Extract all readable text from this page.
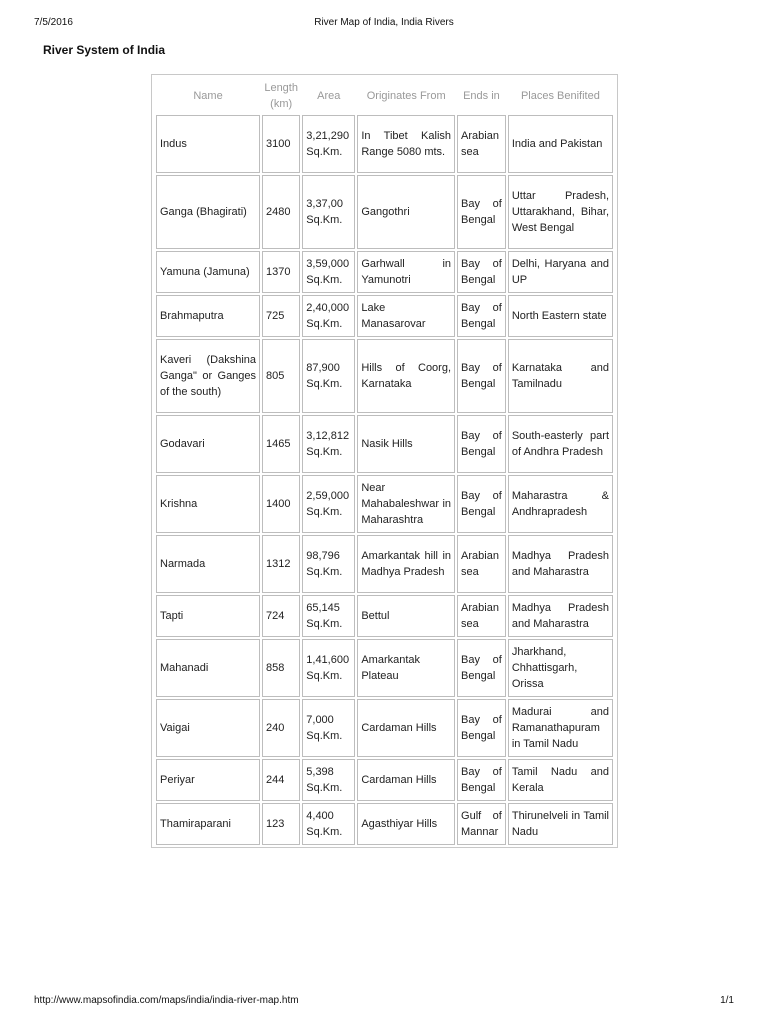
7/5/2016	River Map of India, India Rivers
River System of India
Name	Length (km)	Area	Originates From	Ends in	Places Benifited
Indus	3100	3,21,290 Sq.Km.	In Tibet Kalish Range 5080 mts.	Arabian sea	India and Pakistan
Ganga (Bhagirati)	2480	3,37,00 Sq.Km.	Gangothri	Bay of Bengal	Uttar Pradesh, Uttarakhand, Bihar, West Bengal
Yamuna (Jamuna)	1370	3,59,000 Sq.Km.	Garhwall in Yamunotri	Bay of Bengal	Delhi, Haryana and UP
Brahmaputra	725	2,40,000 Sq.Km.	Lake Manasarovar	Bay of Bengal	North Eastern state
Kaveri (Dakshina Ganga" or Ganges of the south)	805	87,900 Sq.Km.	Hills of Coorg, Karnataka	Bay of Bengal	Karnataka and Tamilnadu
Godavari	1465	3,12,812 Sq.Km.	Nasik Hills	Bay of Bengal	South-easterly part of Andhra Pradesh
Krishna	1400	2,59,000 Sq.Km.	Near Mahabaleshwar in Maharashtra	Bay of Bengal	Maharastra & Andhrapradesh
Narmada	1312	98,796 Sq.Km.	Amarkantak hill in Madhya Pradesh	Arabian sea	Madhya Pradesh and Maharastra
Tapti	724	65,145 Sq.Km.	Bettul	Arabian sea	Madhya Pradesh and Maharastra
Mahanadi	858	1,41,600 Sq.Km.	Amarkantak Plateau	Bay of Bengal	Jharkhand, Chhattisgarh, Orissa
Vaigai	240	7,000 Sq.Km.	Cardaman Hills	Bay of Bengal	Madurai and Ramanathapuram in Tamil Nadu
Periyar	244	5,398 Sq.Km.	Cardaman Hills	Bay of Bengal	Tamil Nadu and Kerala
Thamiraparani	123	4,400 Sq.Km.	Agasthiyar Hills	Gulf of Mannar	Thirunelveli in Tamil Nadu
http://www.mapsofindia.com/maps/india/india-river-map.htm	1/1
